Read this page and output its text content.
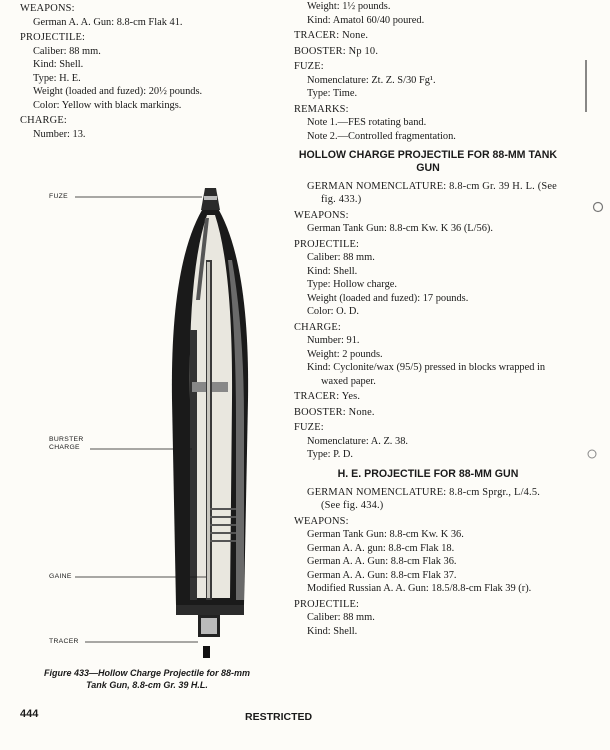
WEAPONS:
German A. A. Gun: 8.8-cm Flak 41.
PROJECTILE:
Caliber: 88 mm.
Kind: Shell.
Type: H. E.
Weight (loaded and fuzed): 20½ pounds.
Color: Yellow with black markings.
CHARGE:
Number: 13.
Weight: 1½ pounds.
Kind: Amatol 60/40 poured.
TRACER: None.
BOOSTER: Np 10.
FUZE:
Nomenclature: Zt. Z. S/30 Fg¹.
Type: Time.
REMARKS:
Note 1.—FES rotating band.
Note 2.—Controlled fragmentation.
HOLLOW CHARGE PROJECTILE FOR 88-MM TANK GUN
GERMAN NOMENCLATURE: 8.8-cm Gr. 39 H. L. (See fig. 433.)
WEAPONS:
German Tank Gun: 8.8-cm Kw. K 36 (L/56).
PROJECTILE:
Caliber: 88 mm.
Kind: Shell.
Type: Hollow charge.
Weight (loaded and fuzed): 17 pounds.
Color: O. D.
CHARGE:
Number: 91.
Weight: 2 pounds.
Kind: Cyclonite/wax (95/5) pressed in blocks wrapped in waxed paper.
TRACER: Yes.
BOOSTER: None.
FUZE:
Nomenclature: A. Z. 38.
Type: P. D.
H. E. PROJECTILE FOR 88-MM GUN
GERMAN NOMENCLATURE: 8.8-cm Sprgr., L/4.5. (See fig. 434.)
WEAPONS:
German Tank Gun: 8.8-cm Kw. K 36.
German A. A. gun: 8.8-cm Flak 18.
German A. A. Gun: 8.8-cm Flak 36.
German A. A. Gun: 8.8-cm Flak 37.
Modified Russian A. A. Gun: 18.5/8.8-cm Flak 39 (r).
PROJECTILE:
Caliber: 88 mm.
Kind: Shell.
FUZE
BURSTER
CHARGE
GAINE
TRACER
Figure 433—Hollow Charge Projectile for 88-mm
Tank Gun, 8.8-cm Gr. 39 H.L.
444	RESTRICTED
